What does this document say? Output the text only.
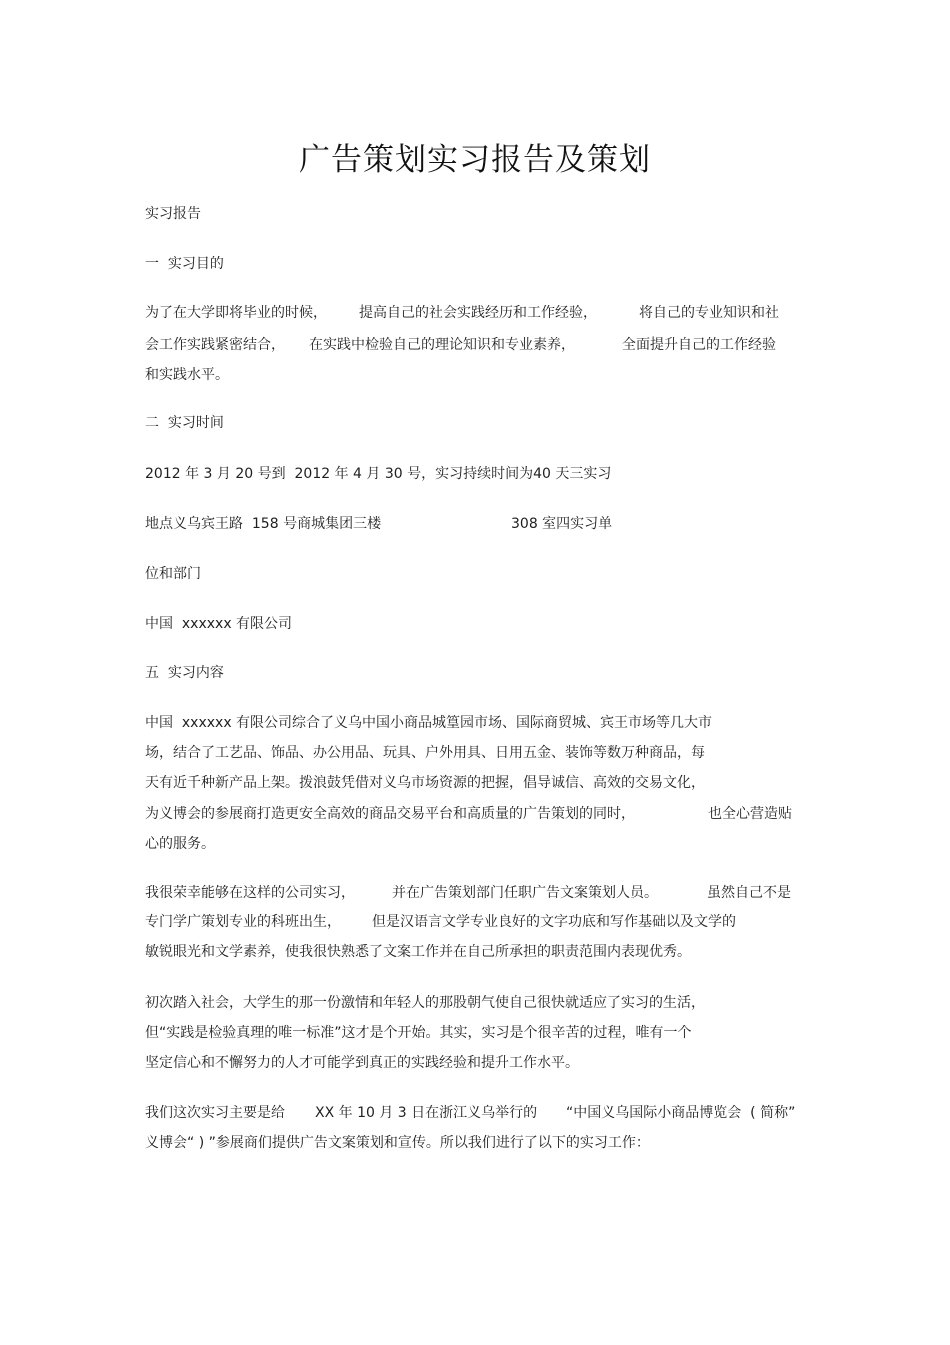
广告策划实习报告及策划
实习报告
一  实习目的

为了在大学即将毕业的时候，

提高自己的社会实践经历和工作经验，

	将自己的专业知识和社

会工作实践紧密结合，

在实践中检验自己的理论知识和专业素养，

	全面提升自己的工作经验

和实践水平。
二  实习时间
2012 年 3 月 20 号到  2012 年 4 月 30 号，实习持续时间为40 天三实习

地点义乌宾王路  158 号商城集团三楼

	308 室四实习单

位和部门
中国  xxxxxx 有限公司
五  实习内容
中国  xxxxxx 有限公司综合了义乌中国小商品城篁园市场、国际商贸城、宾王市场等几大市
场，结合了工艺品、饰品、办公用品、玩具、户外用具、日用五金、装饰等数万种商品，每
天有近千种新产品上架。拨浪鼓凭借对义乌市场资源的把握，倡导诚信、高效的交易文化，

为义博会的参展商打造更安全高效的商品交易平台和高质量的广告策划的同时，

	也全心营造贴

心的服务。

我很荣幸能够在这样的公司实习，

	并在广告策划部门任职广告文案策划人员。

	虽然自己不是

专门学广策划专业的科班出生，

但是汉语言文学专业良好的文字功底和写作基础以及文学的

敏锐眼光和文学素养，使我很快熟悉了文案工作并在自己所承担的职责范围内表现优秀。
初次踏入社会，大学生的那一份激情和年轻人的那股朝气使自己很快就适应了实习的生活，
但“实践是检验真理的唯一标准”这才是个开始。其实，实习是个很辛苦的过程，唯有一个
坚定信心和不懈努力的人才可能学到真正的实践经验和提升工作水平。

我们这次实习主要是给

XX 年 10 月 3 日在浙江义乌举行的

“中国义乌国际小商品博览会  ( 简称”

义博会“ ) ”参展商们提供广告文案策划和宣传。所以我们进行了以下的实习工作：
